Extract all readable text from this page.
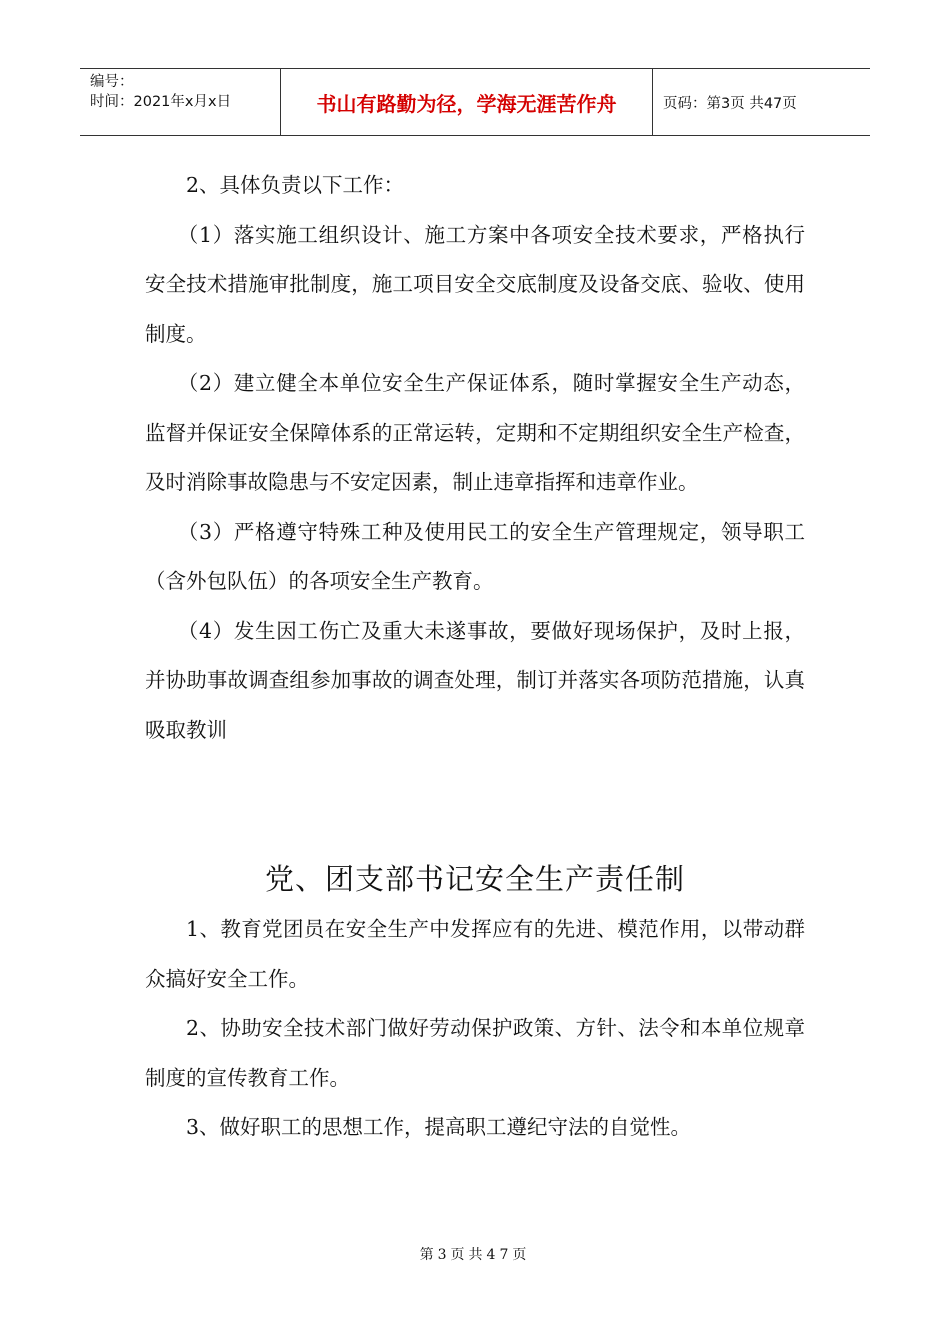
编号：
时间：2021年x月x日	书山有路勤为径，学海无涯苦作舟	页码：第3页 共47页

2、具体负责以下工作：

（1）落实施工组织设计、施工方案中各项安全技术要求，严格执行安全技术措施审批制度，施工项目安全交底制度及设备交底、验收、使用制度。

（2）建立健全本单位安全生产保证体系，随时掌握安全生产动态，监督并保证安全保障体系的正常运转，定期和不定期组织安全生产检查，及时消除事故隐患与不安定因素，制止违章指挥和违章作业。

（3）严格遵守特殊工种及使用民工的安全生产管理规定，领导职工（含外包队伍）的各项安全生产教育。

（4）发生因工伤亡及重大未遂事故，要做好现场保护，及时上报，并协助事故调查组参加事故的调查处理，制订并落实各项防范措施，认真吸取教训

党、团支部书记安全生产责任制

1、教育党团员在安全生产中发挥应有的先进、模范作用，以带动群众搞好安全工作。

2、协助安全技术部门做好劳动保护政策、方针、法令和本单位规章制度的宣传教育工作。

3、做好职工的思想工作，提高职工遵纪守法的自觉性。

第3页共47页
